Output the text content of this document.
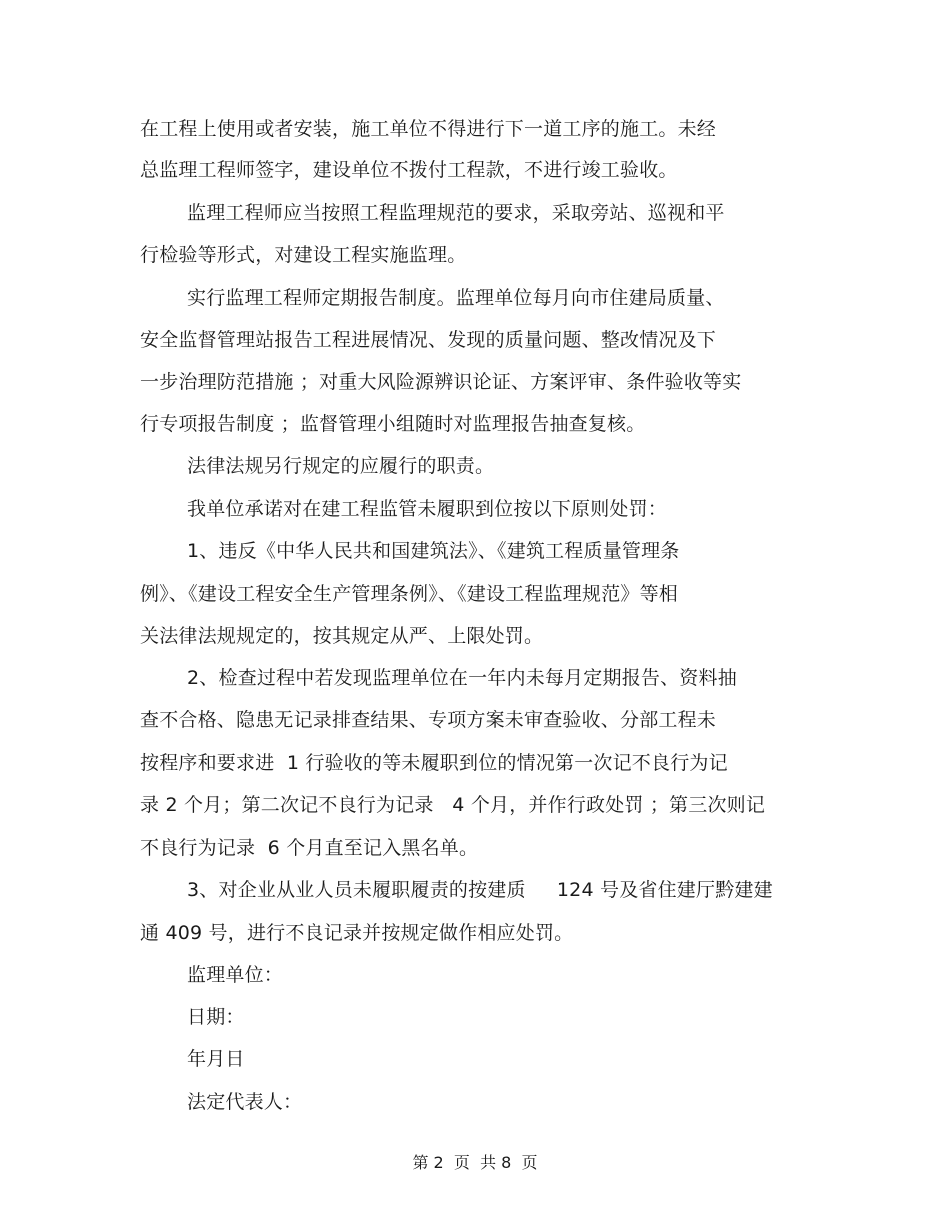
在工程上使用或者安装，施工单位不得进行下一道工序的施工。未经
总监理工程师签字，建设单位不拨付工程款，不进行竣工验收。
监理工程师应当按照工程监理规范的要求，采取旁站、巡视和平
行检验等形式，对建设工程实施监理。
实行监理工程师定期报告制度。监理单位每月向市住建局质量、
安全监督管理站报告工程进展情况、发现的质量问题、整改情况及下
一步治理防范措施 ；对重大风险源辨识论证、方案评审、条件验收等实
行专项报告制度 ；监督管理小组随时对监理报告抽查复核。
法律法规另行规定的应履行的职责。
我单位承诺对在建工程监管未履职到位按以下原则处罚：
1、违反《中华人民共和国建筑法》、《建筑工程质量管理条
例》、《建设工程安全生产管理条例》、《建设工程监理规范》等相
关法律法规规定的，按其规定从严、上限处罚。
2、检查过程中若发现监理单位在一年内未每月定期报告、资料抽
查不合格、隐患无记录排查结果、专项方案未审查验收、分部工程未
按程序和要求进  1 行验收的等未履职到位的情况第一次记不良行为记
录 2 个月；第二次记不良行为记录   4 个月，并作行政处罚 ；第三次则记
不良行为记录  6 个月直至记入黑名单。
3、对企业从业人员未履职履责的按建质     124 号及省住建厅黔建建
通 409 号，进行不良记录并按规定做作相应处罚。
监理单位：
日期：
年月日
法定代表人：
第 2  页  共 8  页
